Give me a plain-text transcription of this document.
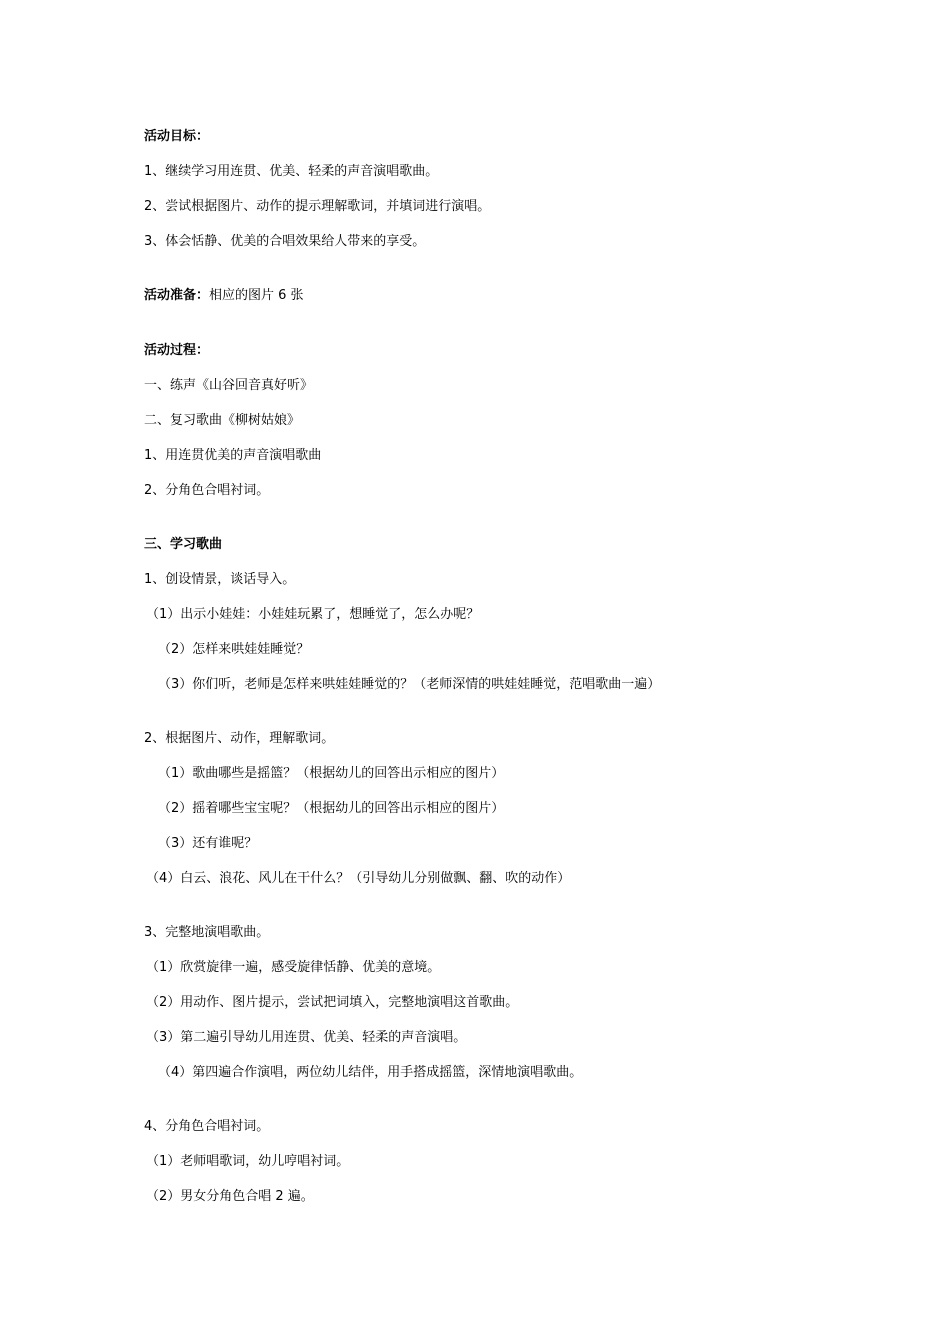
活动目标：
1、继续学习用连贯、优美、轻柔的声音演唱歌曲。
2、尝试根据图片、动作的提示理解歌词，并填词进行演唱。
3、体会恬静、优美的合唱效果给人带来的享受。
活动准备：相应的图片 6 张
活动过程：
一、练声《山谷回音真好听》
二、复习歌曲《柳树姑娘》
1、用连贯优美的声音演唱歌曲
2、分角色合唱衬词。
三、学习歌曲
1、创设情景，谈话导入。
（1）出示小娃娃：小娃娃玩累了，想睡觉了，怎么办呢？
（2）怎样来哄娃娃睡觉？
（3）你们听，老师是怎样来哄娃娃睡觉的？（老师深情的哄娃娃睡觉，范唱歌曲一遍）
2、根据图片、动作，理解歌词。
（1）歌曲哪些是摇篮？（根据幼儿的回答出示相应的图片）
（2）摇着哪些宝宝呢？（根据幼儿的回答出示相应的图片）
（3）还有谁呢？
（4）白云、浪花、风儿在干什么？（引导幼儿分别做飘、翻、吹的动作）
3、完整地演唱歌曲。
（1）欣赏旋律一遍，感受旋律恬静、优美的意境。
（2）用动作、图片提示，尝试把词填入，完整地演唱这首歌曲。
（3）第二遍引导幼儿用连贯、优美、轻柔的声音演唱。
（4）第四遍合作演唱，两位幼儿结伴，用手搭成摇篮，深情地演唱歌曲。
4、分角色合唱衬词。
（1）老师唱歌词，幼儿哼唱衬词。
（2）男女分角色合唱 2 遍。
